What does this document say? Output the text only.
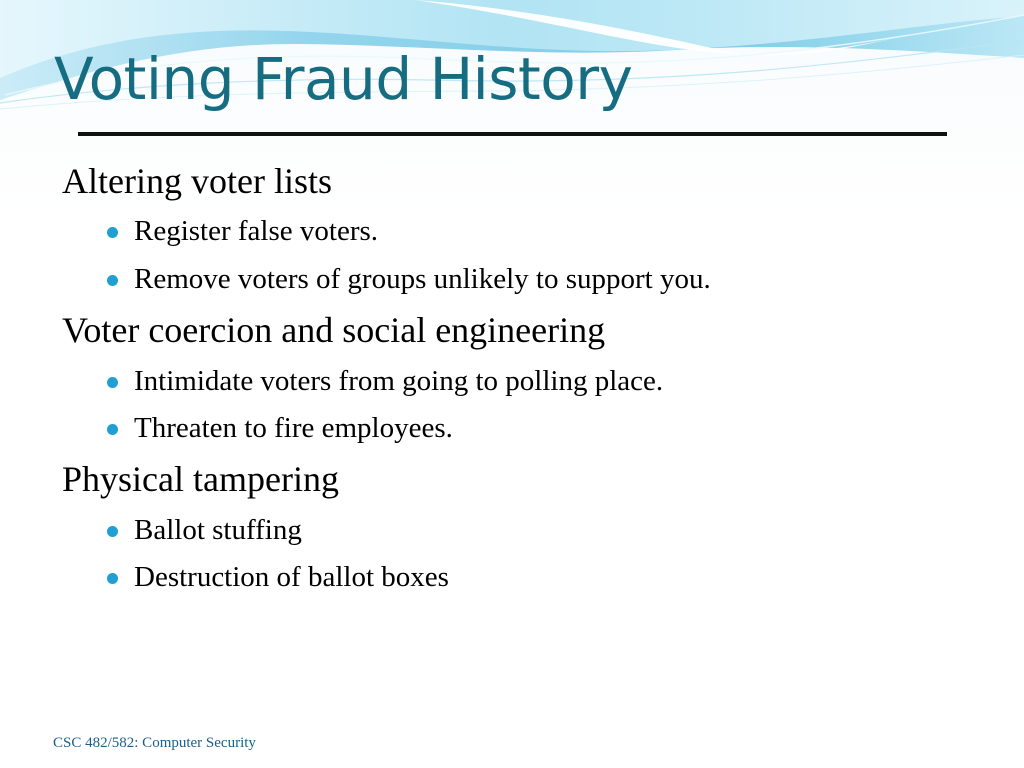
Voting Fraud History
Altering voter lists
Register false voters.
Remove voters of groups unlikely to support you.
Voter coercion and social engineering
Intimidate voters from going to polling place.
Threaten to fire employees.
Physical tampering
Ballot stuffing
Destruction of ballot boxes
CSC 482/582: Computer Security
